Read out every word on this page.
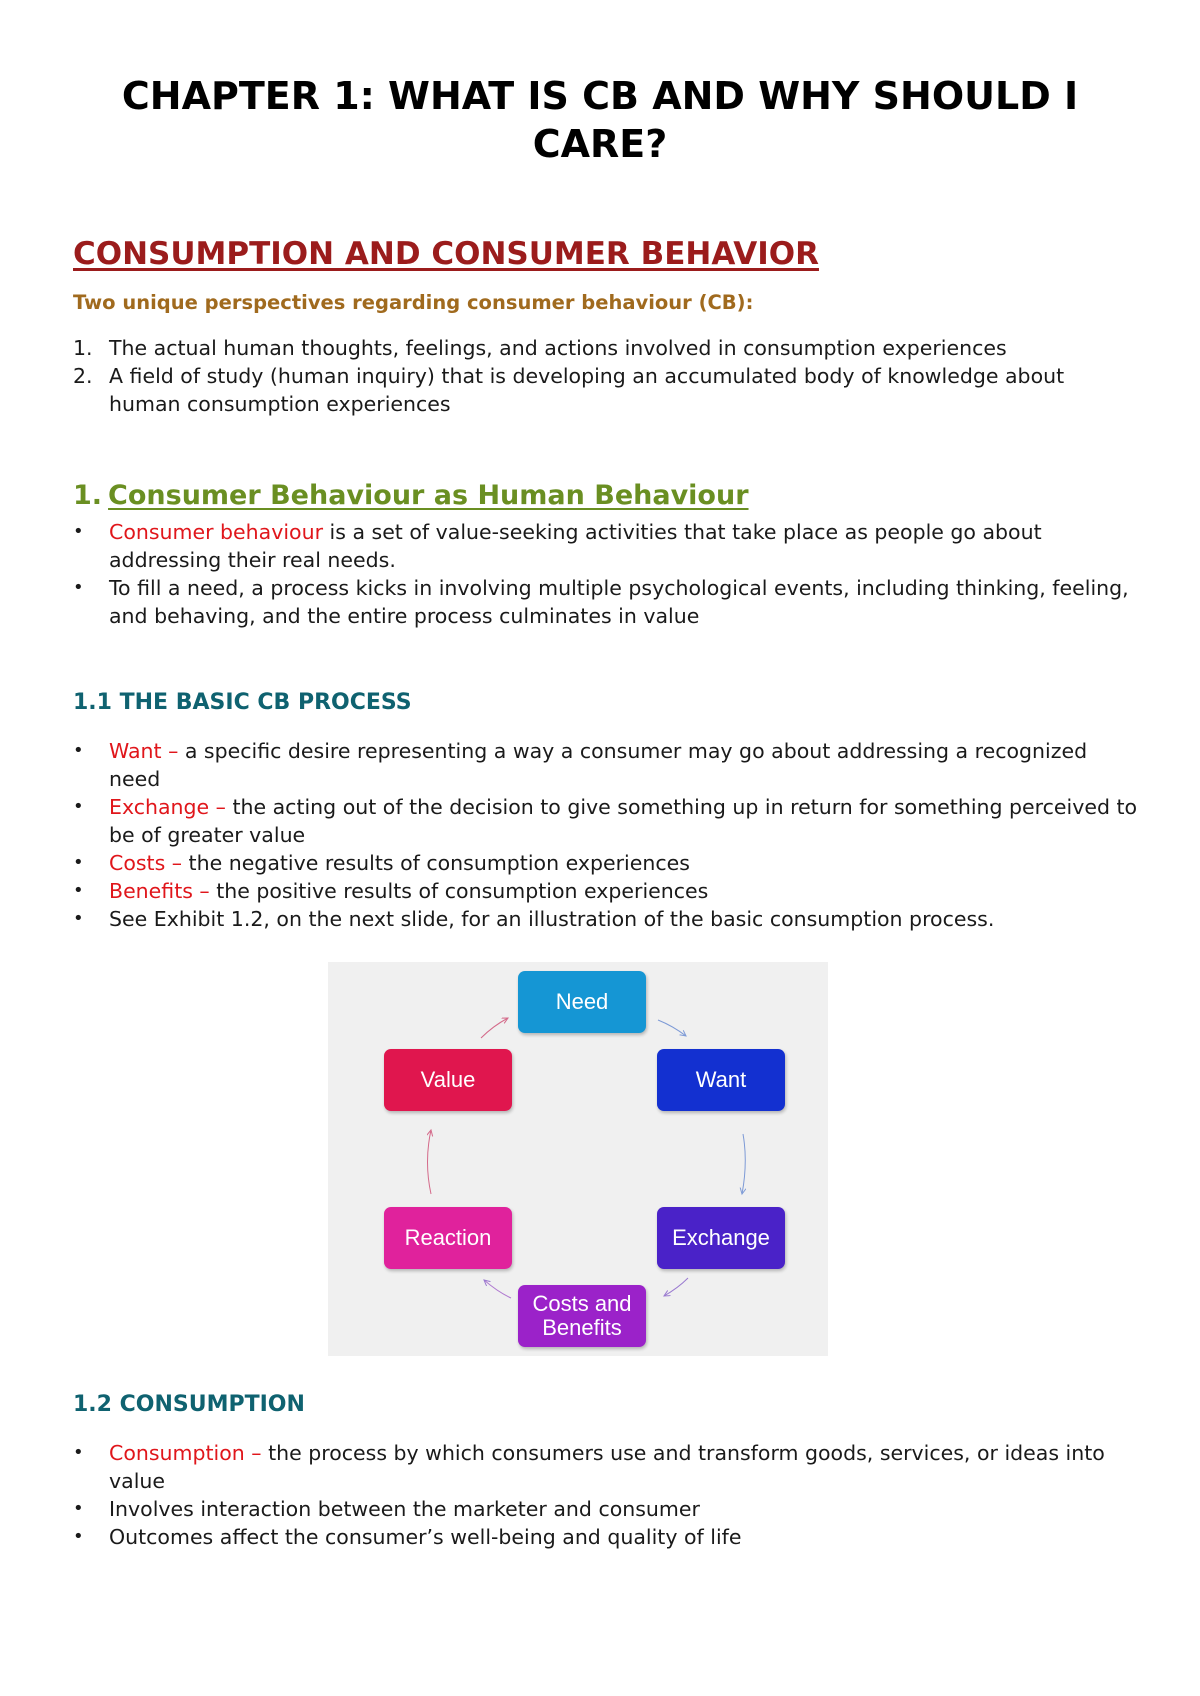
CHAPTER 1: WHAT IS CB AND WHY SHOULD I CARE?
CONSUMPTION AND CONSUMER BEHAVIOR
Two unique perspectives regarding consumer behaviour (CB):
1. The actual human thoughts, feelings, and actions involved in consumption experiences
2. A field of study (human inquiry) that is developing an accumulated body of knowledge about human consumption experiences
1. Consumer Behaviour as Human Behaviour
• Consumer behaviour is a set of value-seeking activities that take place as people go about addressing their real needs.
• To fill a need, a process kicks in involving multiple psychological events, including thinking, feeling, and behaving, and the entire process culminates in value
1.1 THE BASIC CB PROCESS
• Want – a specific desire representing a way a consumer may go about addressing a recognized need
• Exchange – the acting out of the decision to give something up in return for something perceived to be of greater value
• Costs – the negative results of consumption experiences
• Benefits – the positive results of consumption experiences
• See Exhibit 1.2, on the next slide, for an illustration of the basic consumption process.
Need
Want
Exchange
Costs and Benefits
Reaction
Value
1.2 CONSUMPTION
• Consumption – the process by which consumers use and transform goods, services, or ideas into value
• Involves interaction between the marketer and consumer
• Outcomes affect the consumer’s well-being and quality of life
